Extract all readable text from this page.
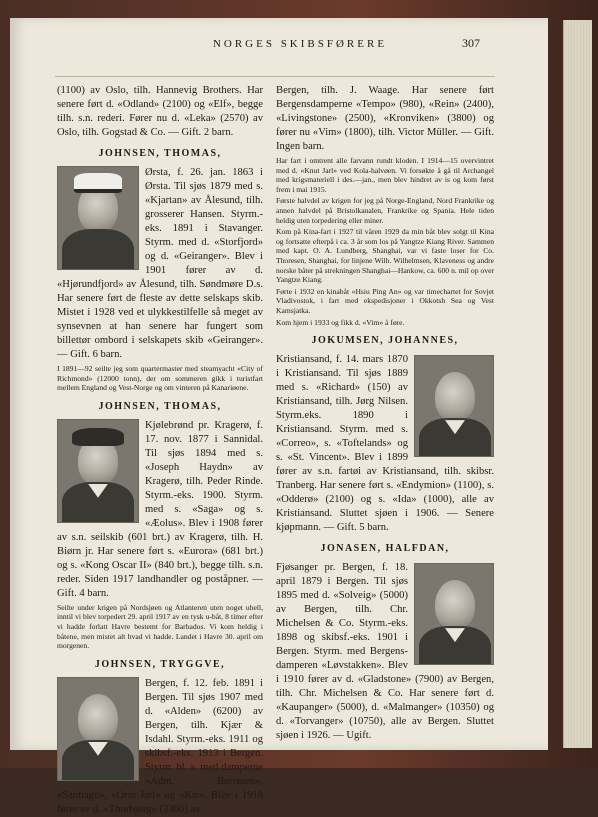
NORGES SKIBSFØRERE	307

(1100) av Oslo, tilh. Hannevig Brothers. Har senere ført d. «Odland» (2100) og «Elf», begge tilh. s.n. rederi. Fører nu d. «Leka» (2570) av Oslo, tilh. Gogstad & Co. — Gift. 2 barn.

JOHNSEN, THOMAS,

Ørsta, f. 26. jan. 1863 i Ørsta. Til sjøs 1879 med s. «Kjartan» av Ålesund, tilh. grosserer Hansen. Styrm.-eks. 1891 i Stavanger. Styrm. med d. «Storfjord» og d. «Geiranger». Blev i 1901 fører av d. «Hjørundfjord» av Ålesund, tilh. Søndmøre D.s. Har senere ført de fleste av dette selskaps skib. Mistet i 1928 ved et ulykkestilfelle så meget av synsevnen at han senere har fungert som billettør ombord i selskapets skib «Geiranger». — Gift. 6 barn.

I 1891—92 seilte jeg som quartermaster med steamyacht «City of Richmond» (12000 tonn), der om sommeren gikk i turistfart mellem England og Vest-Norge og om vinteren på Kanariøene.

JOHNSEN, THOMAS,

Kjølebrønd pr. Kragerø, f. 17. nov. 1877 i Sannidal. Til sjøs 1894 med s. «Joseph Haydn» av Kragerø, tilh. Peder Rinde. Styrm.-eks. 1900. Styrm. med s. «Saga» og s. «Æolus». Blev i 1908 fører av s.n. seilskib (601 brt.) av Kragerø, tilh. H. Biørn jr. Har senere ført s. «Eurora» (681 brt.) og s. «Kong Oscar II» (840 brt.), begge tilh. s.n. reder. Siden 1917 landhandler og poståpner. — Gift. 4 barn.

Seilte under krigen på Nordsjøen og Atlanteren uten noget uhell, inntil vi blev torpedert 29. april 1917 av en tysk u-båt, 8 timer efter vi hadde forlatt Havre bestemt for Barbados. Vi kom heldig i båtene, men mistet alt hvad vi hadde. Landet i Havre 30. april om morgenen.

JOHNSEN, TRYGGVE,

Bergen, f. 12. feb. 1891 i Bergen. Til sjøs 1907 med d. «Alden» (6200) av Bergen, tilh. Kjær & Isdahl. Styrm.-eks. 1911 og skibsf.-eks. 1913 i Bergen. Styrm. bl. a. med damperne «Adm. Børresen», «Santiago», «Orm Jarl» og «Kis». Blev i 1918 fører av d. «Thorbjørg» (3300) av

Bergen, tilh. J. Waage. Har senere ført Bergensdamperne «Tempo» (980), «Rein» (2400), «Livingstone» (2500), «Kronviken» (3800) og fører nu «Vim» (1800), tilh. Victor Müller. — Gift. Ingen barn.

Har fart i omtrent alle farvann rundt kloden. I 1914—15 overvintret med d. «Knut Jarl» ved Kola-halvøen. Vi forsøkte å gå til Archangel med krigsmateriell i des.—jan., men blev hindret av is og kom først frem i mai 1915.

Første halvdel av krigen for jeg på Norge-England, Nord Frankrike og annen halvdel på Bristolkanalen, Frankrike og Spania. Hele tiden heldig uten torpedering eller miner.

Kom på Kina-fart i 1927 til våren 1929 da min båt blev solgt til Kina og fortsatte efterpå i ca. 3 år som los på Yangtze Kiang River. Sammen med kapt. O. A. Lundberg, Shanghai, var vi faste loser for Co. Thoresen, Shanghai, for linjene Wilh. Wilhelmsen, Klaveness og andre norske båter på strekningen Shanghai—Hankow, ca. 600 n. mil op over Yangtze Kiang.

Førte i 1932 en kinabåt «Hsiu Ping An» og var timechartet for Sovjet Vladivostok, i fart med ekspedisjoner i Okkotsh Sea og Vest Kamsjatka.

Kom hjem i 1933 og fikk d. «Vim» å føre.

JOKUMSEN, JOHANNES,

Kristiansand, f. 14. mars 1870 i Kristiansand. Til sjøs 1889 med s. «Richard» (150) av Kristiansand, tilh. Jørg Nilsen. Styrm.eks. 1890 i Kristiansand. Styrm. med s. «Correo», s. «Toftelands» og s. «St. Vincent». Blev i 1899 fører av s.n. fartøi av Kristiansand, tilh. skibsr. Tranberg. Har senere ført s. «Endymion» (1100), s. «Odderø» (2100) og s. «Ida» (1000), alle av Kristiansand. Sluttet sjøen i 1906. — Senere kjøpmann. — Gift. 5 barn.

JONASEN, HALFDAN,

Fjøsanger pr. Bergen, f. 18. april 1879 i Bergen. Til sjøs 1895 med d. «Solveig» (5000) av Bergen, tilh. Chr. Michelsen & Co. Styrm.-eks. 1898 og skibsf.-eks. 1901 i Bergen. Styrm. med Bergens-damperen «Løvstakken». Blev i 1910 fører av d. «Gladstone» (7900) av Bergen, tilh. Chr. Michelsen & Co. Har senere ført d. «Kaupanger» (5000), d. «Malmanger» (10350) og d. «Torvanger» (10750), alle av Bergen. Sluttet sjøen i 1926. — Ugift.
